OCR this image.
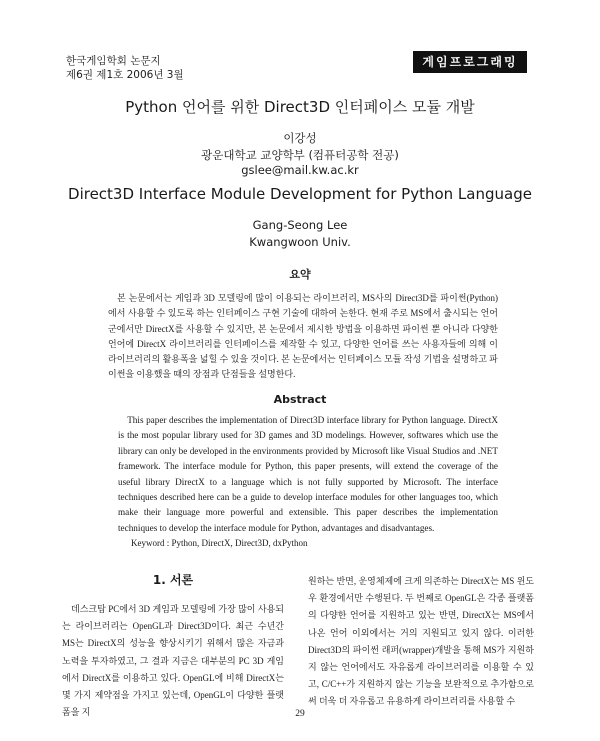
한국게임학회 논문지
제6권 제1호 2006년 3월
게임프로그래밍
Python 언어를 위한 Direct3D 인터페이스 모듈 개발
이강성
광운대학교 교양학부 (컴퓨터공학 전공)
gslee@mail.kw.ac.kr
Direct3D Interface Module Development for Python Language
Gang-Seong Lee
Kwangwoon Univ.
요약
본 논문에서는 게임과 3D 모델링에 많이 이용되는 라이브러리, MS사의 Direct3D를 파이썬(Python)에서 사용할 수 있도록 하는 인터페이스 구현 기술에 대하여 논한다. 현재 주로 MS에서 출시되는 언어군에서만 DirectX를 사용할 수 있지만, 본 논문에서 제시한 방법을 이용하면 파이썬 뿐 아니라 다양한 언어에 DirectX 라이브러리를 인터페이스를 제작할 수 있고, 다양한 언어를 쓰는 사용자들에 의해 이 라이브러리의 활용폭을 넓힐 수 있을 것이다. 본 논문에서는 인터페이스 모듈 작성 기법을 설명하고 파이썬을 이용했을 때의 장점과 단점들을 설명한다.
Abstract
This paper describes the implementation of Direct3D interface library for Python language. DirectX is the most popular library used for 3D games and 3D modelings. However, softwares which use the library can only be developed in the environments provided by Microsoft like Visual Studios and .NET framework. The interface module for Python, this paper presents, will extend the coverage of the useful library DirectX to a language which is not fully supported by Microsoft. The interface techniques described here can be a guide to develop interface modules for other languages too, which make their language more powerful and extensible. This paper describes the implementation techniques to develop the interface module for Python, advantages and disadvantages.
Keyword : Python, DirectX, Direct3D, dxPython
1. 서론
데스크탑 PC에서 3D 게임과 모델링에 가장 많이 사용되는 라이브러리는 OpenGL과 Direct3D이다. 최근 수년간 MS는 DirectX의 성능을 향상시키기 위해서 많은 자금과 노력을 투자하였고, 그 결과 지금은 대부분의 PC 3D 게임에서 DirectX를 이용하고 있다. OpenGL에 비해 DirectX는 몇 가지 제약점을 가지고 있는데, OpenGL이 다양한 플랫폼을 지
원하는 반면, 운영체제에 크게 의존하는 DirectX는 MS 윈도우 환경에서만 수행된다. 두 번째로 OpenGL은 각종 플랫폼의 다양한 언어를 지원하고 있는 반면, DirectX는 MS에서 나온 언어 이외에서는 거의 지원되고 있지 않다. 이러한 Direct3D의 파이썬 래퍼(wrapper)개발을 통해 MS가 지원하지 않는 언어에서도 자유롭게 라이브러리를 이용할 수 있고, C/C++가 지원하지 않는 기능을 보완적으로 추가함으로써 더욱 더 자유롭고 유용하게 라이브러리를 사용할 수
29
